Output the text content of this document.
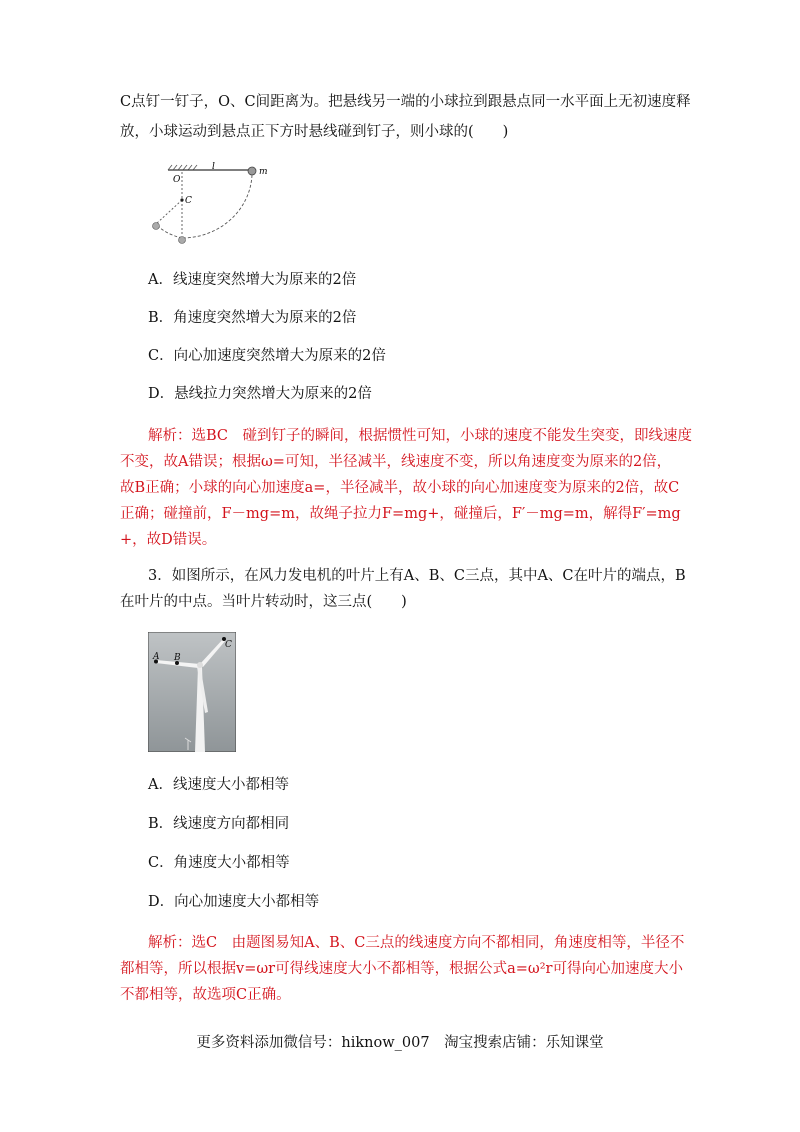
C点钉一钉子，O、C间距离为。把悬线另一端的小球拉到跟悬点同一水平面上无初速度释
放，小球运动到悬点正下方时悬线碰到钉子，则小球的(　　)
l	m
O
C
A．线速度突然增大为原来的2倍
B．角速度突然增大为原来的2倍
C．向心加速度突然增大为原来的2倍
D．悬线拉力突然增大为原来的2倍
解析：选BC　碰到钉子的瞬间，根据惯性可知，小球的速度不能发生突变，即线速度
不变，故A错误；根据ω=可知，半径减半，线速度不变，所以角速度变为原来的2倍，
故B正确；小球的向心加速度a=，半径减半，故小球的向心加速度变为原来的2倍，故C
正确；碰撞前，F－mg=m，故绳子拉力F=mg+，碰撞后，F′－mg=m，解得F′=mg
+，故D错误。
3．如图所示，在风力发电机的叶片上有A、B、C三点，其中A、C在叶片的端点，B
在叶片的中点。当叶片转动时，这三点(　　)
A B
C
A．线速度大小都相等
B．线速度方向都相同
C．角速度大小都相等
D．向心加速度大小都相等
解析：选C　由题图易知A、B、C三点的线速度方向不都相同，角速度相等，半径不
都相等，所以根据v=ωr可得线速度大小不都相等，根据公式a=ω²r可得向心加速度大小
不都相等，故选项C正确。
更多资料添加微信号：hiknow_007　淘宝搜索店铺：乐知课堂
